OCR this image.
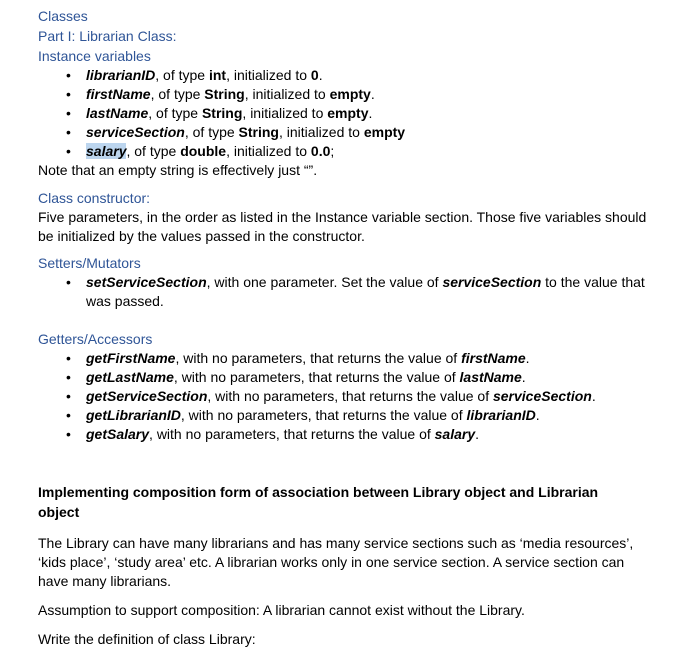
Classes
Part I: Librarian Class:
Instance variables
• librarianID, of type int, initialized to 0.
• firstName, of type String, initialized to empty.
• lastName, of type String, initialized to empty.
• serviceSection, of type String, initialized to empty
• salary, of type double, initialized to 0.0;
Note that an empty string is effectively just “”.
Class constructor:
Five parameters, in the order as listed in the Instance variable section. Those five variables should be initialized by the values passed in the constructor.
Setters/Mutators
• setServiceSection, with one parameter. Set the value of serviceSection to the value that was passed.
Getters/Accessors
• getFirstName, with no parameters, that returns the value of firstName.
• getLastName, with no parameters, that returns the value of lastName.
• getServiceSection, with no parameters, that returns the value of serviceSection.
• getLibrarianID, with no parameters, that returns the value of librarianID.
• getSalary, with no parameters, that returns the value of salary.
Implementing composition form of association between Library object and Librarian object
The Library can have many librarians and has many service sections such as ‘media resources’, ‘kids place’, ‘study area’ etc. A librarian works only in one service section. A service section can have many librarians.
Assumption to support composition: A librarian cannot exist without the Library.
Write the definition of class Library:
